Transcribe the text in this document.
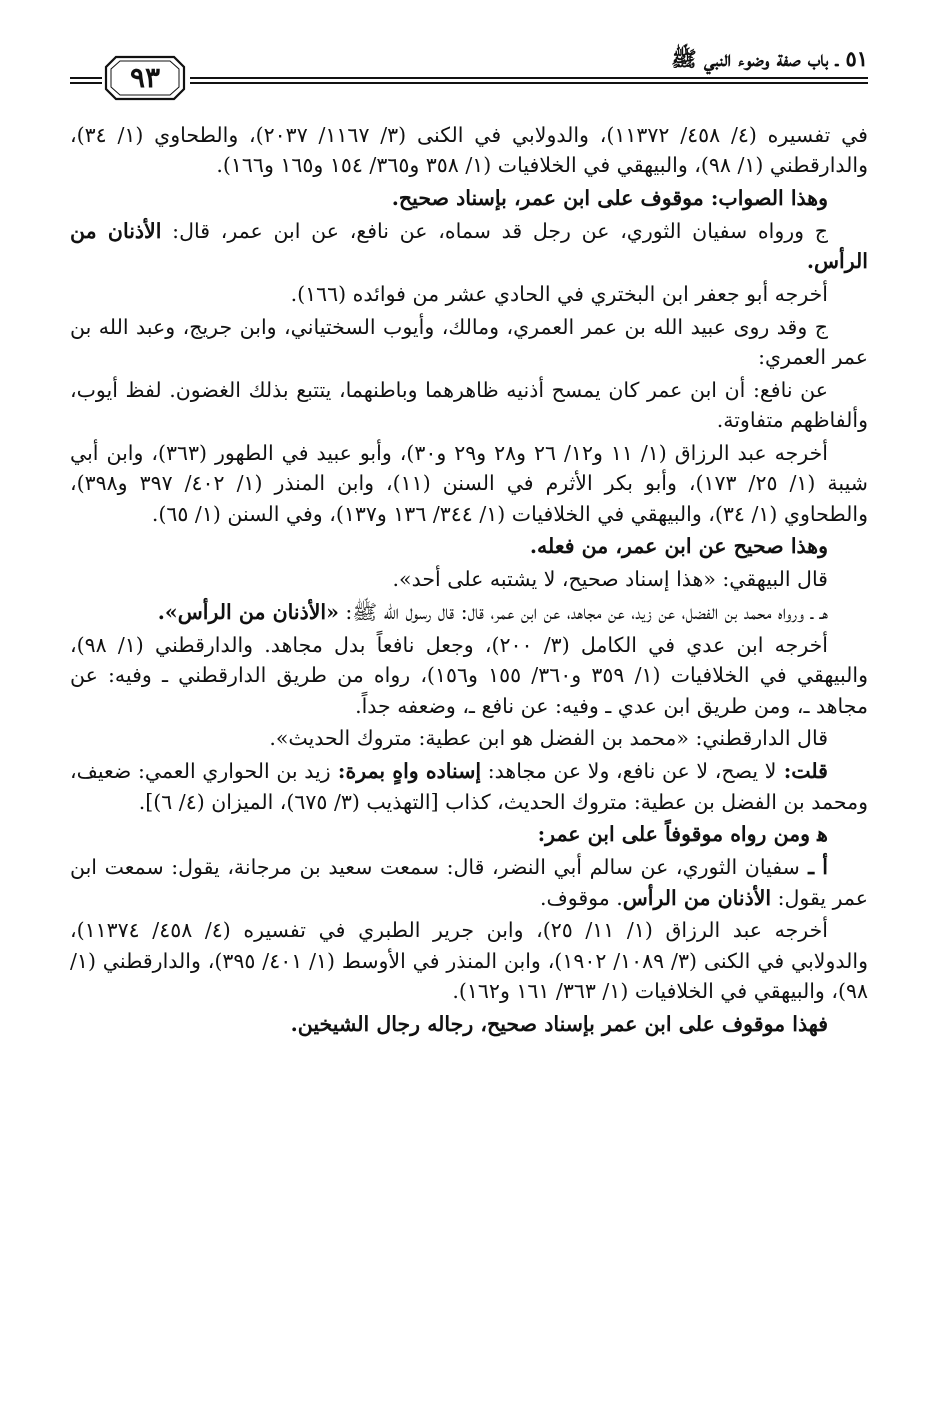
٥١ ـ باب صفة وضوء النبي ﷺ
٩٣
في تفسيره (٤/ ٤٥٨/ ١١٣٧٢)، والدولابي في الكنى (٣/ ١١٦٧/ ٢٠٣٧)، والطحاوي (١/ ٣٤)، والدارقطني (١/ ٩٨)، والبيهقي في الخلافيات (١/ ٣٥٨ و٣٦٥/ ١٥٤ و١٦٥ و١٦٦).
وهذا الصواب: موقوف على ابن عمر، بإسناد صحيح.
ج ورواه سفيان الثوري، عن رجل قد سماه، عن نافع، عن ابن عمر، قال: الأذنان من الرأس.
أخرجه أبو جعفر ابن البختري في الحادي عشر من فوائده (١٦٦).
ج وقد روى عبيد الله بن عمر العمري، ومالك، وأيوب السختياني، وابن جريج، وعبد الله بن عمر العمري:
عن نافع: أن ابن عمر كان يمسح أذنيه ظاهرهما وباطنهما، يتتبع بذلك الغضون. لفظ أيوب، وألفاظهم متفاوتة.
أخرجه عبد الرزاق (١/ ١١ و١٢/ ٢٦ و٢٨ و٢٩ و٣٠)، وأبو عبيد في الطهور (٣٦٣)، وابن أبي شيبة (١/ ٢٥/ ١٧٣)، وأبو بكر الأثرم في السنن (١١)، وابن المنذر (١/ ٤٠٢/ ٣٩٧ و٣٩٨)، والطحاوي (١/ ٣٤)، والبيهقي في الخلافيات (١/ ٣٤٤/ ١٣٦ و١٣٧)، وفي السنن (١/ ٦٥).
وهذا صحيح عن ابن عمر، من فعله.
قال البيهقي: «هذا إسناد صحيح، لا يشتبه على أحد».
هـ ـ ورواه محمد بن الفضل، عن زيد، عن مجاهد، عن ابن عمر، قال: قال رسول الله ﷺ: «الأذنان من الرأس».
أخرجه ابن عدي في الكامل (٣/ ٢٠٠)، وجعل نافعاً بدل مجاهد. والدارقطني (١/ ٩٨)، والبيهقي في الخلافيات (١/ ٣٥٩ و٣٦٠/ ١٥٥ و١٥٦)، رواه من طريق الدارقطني ـ وفيه: عن مجاهد ـ، ومن طريق ابن عدي ـ وفيه: عن نافع ـ، وضعفه جداً.
قال الدارقطني: «محمد بن الفضل هو ابن عطية: متروك الحديث».
قلت: لا يصح، لا عن نافع، ولا عن مجاهد: إسناده واهٍ بمرة: زيد بن الحواري العمي: ضعيف، ومحمد بن الفضل بن عطية: متروك الحديث، كذاب [التهذيب (٣/ ٦٧٥)، الميزان (٤/ ٦)].
ﻫ ومن رواه موقوفاً على ابن عمر:
أ ـ سفيان الثوري، عن سالم أبي النضر، قال: سمعت سعيد بن مرجانة، يقول: سمعت ابن عمر يقول: الأذنان من الرأس. موقوف.
أخرجه عبد الرزاق (١/ ١١/ ٢٥)، وابن جرير الطبري في تفسيره (٤/ ٤٥٨/ ١١٣٧٤)، والدولابي في الكنى (٣/ ١٠٨٩/ ١٩٠٢)، وابن المنذر في الأوسط (١/ ٤٠١/ ٣٩٥)، والدارقطني (١/ ٩٨)، والبيهقي في الخلافيات (١/ ٣٦٣/ ١٦١ و١٦٢).
فهذا موقوف على ابن عمر بإسناد صحيح، رجاله رجال الشيخين.
